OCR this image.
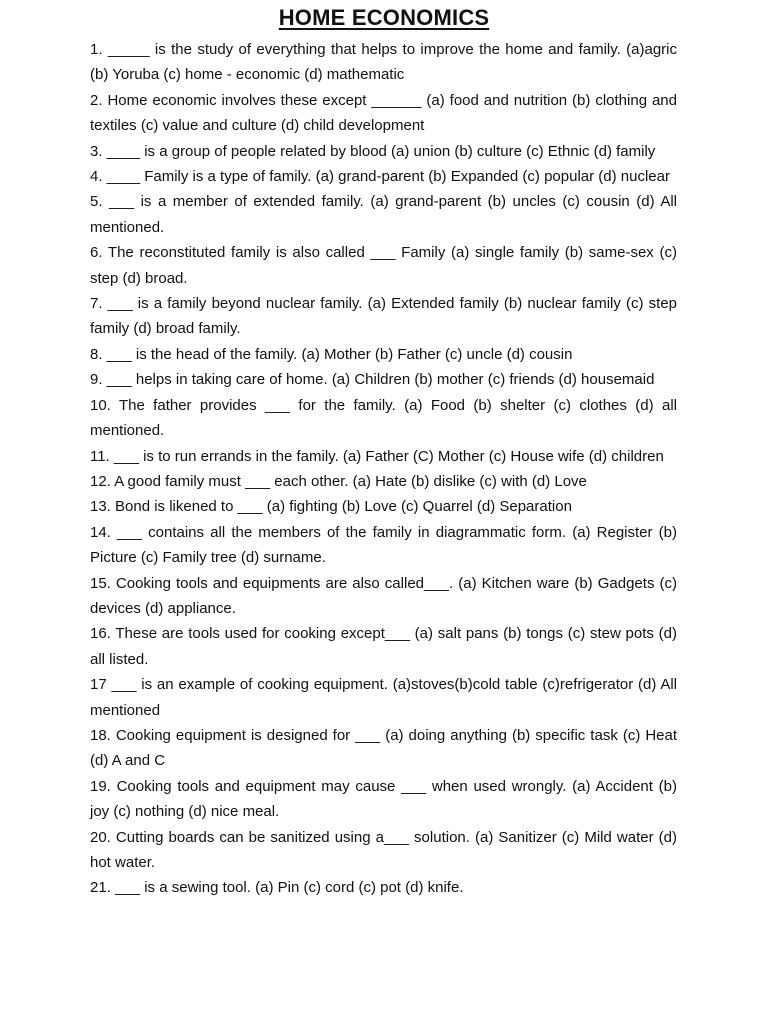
HOME ECONOMICS

1. _____ is the study of everything that helps to improve the home and family. (a)agric (b) Yoruba (c) home - economic (d) mathematic

2. Home economic involves these except ______ (a) food and nutrition (b) clothing and textiles (c) value and culture (d) child development

3. ____ is a group of people related by blood (a) union (b) culture (c) Ethnic (d) family

4. ____ Family is a type of family. (a) grand-parent (b) Expanded (c) popular (d) nuclear

5. ___ is a member of extended family. (a) grand-parent (b) uncles (c) cousin (d) All mentioned.

6. The reconstituted family is also called ___ Family (a) single family (b) same-sex (c) step (d) broad.

7. ___ is a family beyond nuclear family. (a) Extended family (b) nuclear family (c) step family (d) broad family.

8. ___ is the head of the family. (a) Mother (b) Father (c) uncle (d) cousin

9. ___ helps in taking care of home. (a) Children (b) mother (c) friends (d) housemaid

10. The father provides ___ for the family. (a) Food (b) shelter (c) clothes (d) all mentioned.

11. ___ is to run errands in the family. (a) Father (C) Mother (c) House wife (d) children

12. A good family must ___ each other. (a) Hate (b) dislike (c) with (d) Love

13. Bond is likened to ___ (a) fighting (b) Love (c) Quarrel (d) Separation

14. ___ contains all the members of the family in diagrammatic form. (a) Register (b) Picture (c) Family tree (d) surname.

15. Cooking tools and equipments are also called___. (a) Kitchen ware (b) Gadgets (c) devices (d) appliance.

16. These are tools used for cooking except___ (a) salt pans (b) tongs (c) stew pots (d) all listed.

17 ___ is an example of cooking equipment. (a)stoves(b)cold table (c)refrigerator (d) All mentioned

18. Cooking equipment is designed for ___ (a) doing anything (b) specific task (c) Heat (d) A and C

19. Cooking tools and equipment may cause ___ when used wrongly. (a) Accident (b) joy (c) nothing (d) nice meal.

20. Cutting boards can be sanitized using a___ solution. (a) Sanitizer (c) Mild water (d) hot water.

21. ___ is a sewing tool. (a) Pin (c) cord (c) pot (d) knife.
